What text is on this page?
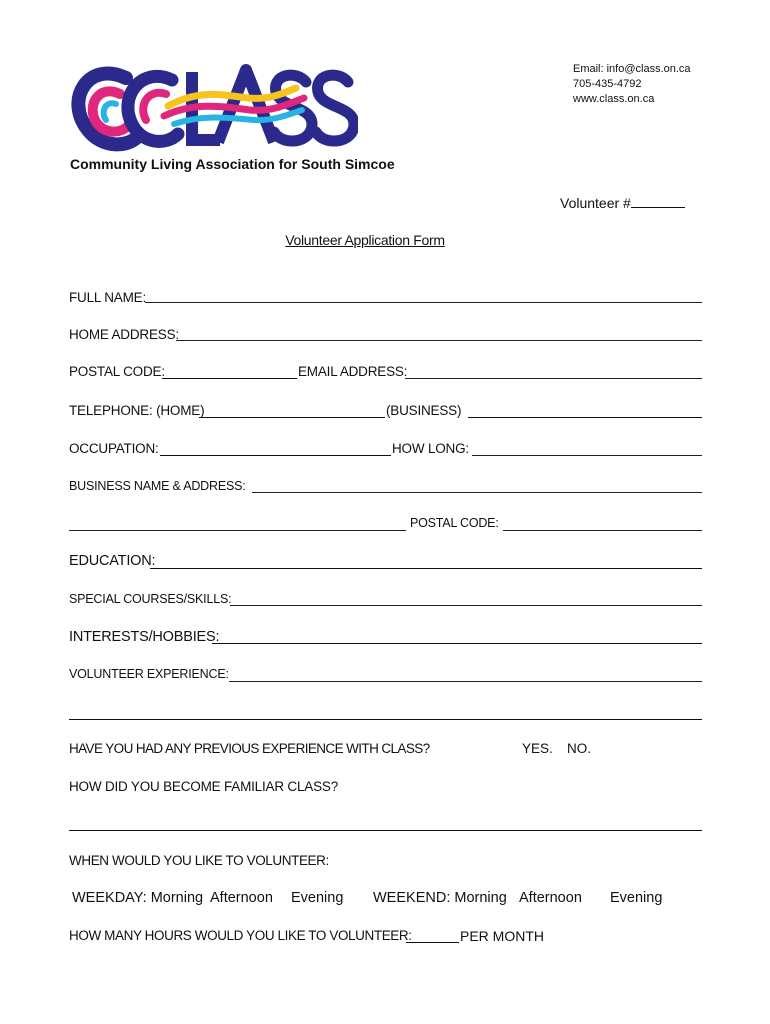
Email: info@class.on.ca
705-435-4792
www.class.on.ca
Community Living Association for South Simcoe
Volunteer #
Volunteer Application Form
FULL NAME:
HOME ADDRESS:
POSTAL CODE:	EMAIL ADDRESS:
TELEPHONE: (HOME)	(BUSINESS)
OCCUPATION:	HOW LONG:
BUSINESS NAME & ADDRESS:
POSTAL CODE:
EDUCATION:
SPECIAL COURSES/SKILLS:
INTERESTS/HOBBIES:
VOLUNTEER EXPERIENCE:
HAVE YOU HAD ANY PREVIOUS EXPERIENCE WITH CLASS?	YES. NO.
HOW DID YOU BECOME FAMILIAR CLASS?
WHEN WOULD YOU LIKE TO VOLUNTEER:
WEEKDAY: Morning Afternoon Evening WEEKEND: Morning Afternoon Evening
HOW MANY HOURS WOULD YOU LIKE TO VOLUNTEER:	PER MONTH
